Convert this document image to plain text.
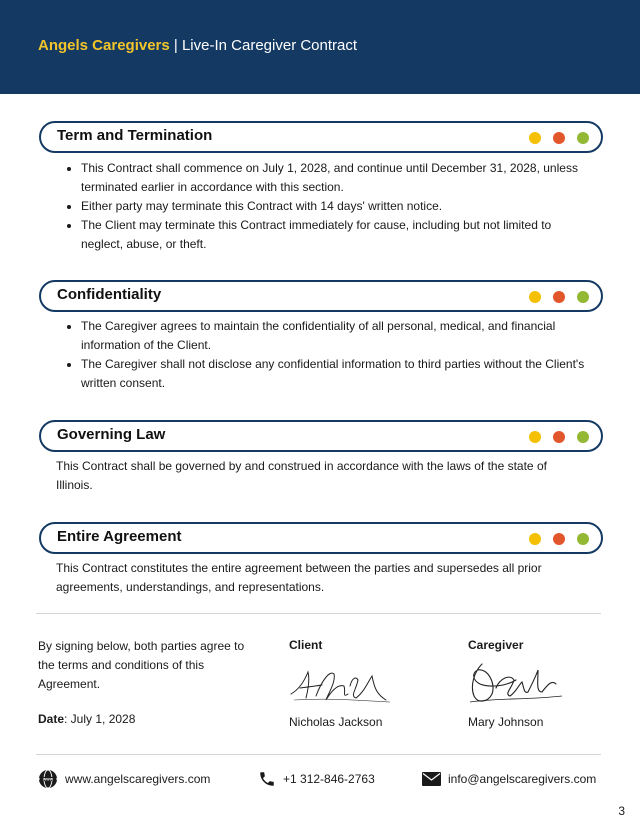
Angels Caregivers | Live-In Caregiver Contract
Term and Termination
• This Contract shall commence on July 1, 2028, and continue until December 31, 2028, unless terminated earlier in accordance with this section.
• Either party may terminate this Contract with 14 days' written notice.
• The Client may terminate this Contract immediately for cause, including but not limited to neglect, abuse, or theft.
Confidentiality
• The Caregiver agrees to maintain the confidentiality of all personal, medical, and financial information of the Client.
• The Caregiver shall not disclose any confidential information to third parties without the Client's written consent.
Governing Law
This Contract shall be governed by and construed in accordance with the laws of the state of Illinois.
Entire Agreement
This Contract constitutes the entire agreement between the parties and supersedes all prior agreements, understandings, and representations.
By signing below, both parties agree to the terms and conditions of this Agreement.
Date: July 1, 2028
Client
Nicholas Jackson
Caregiver
Mary Johnson
WWW www.angelscaregivers.com	+1 312-846-2763	info@angelscaregivers.com
3
